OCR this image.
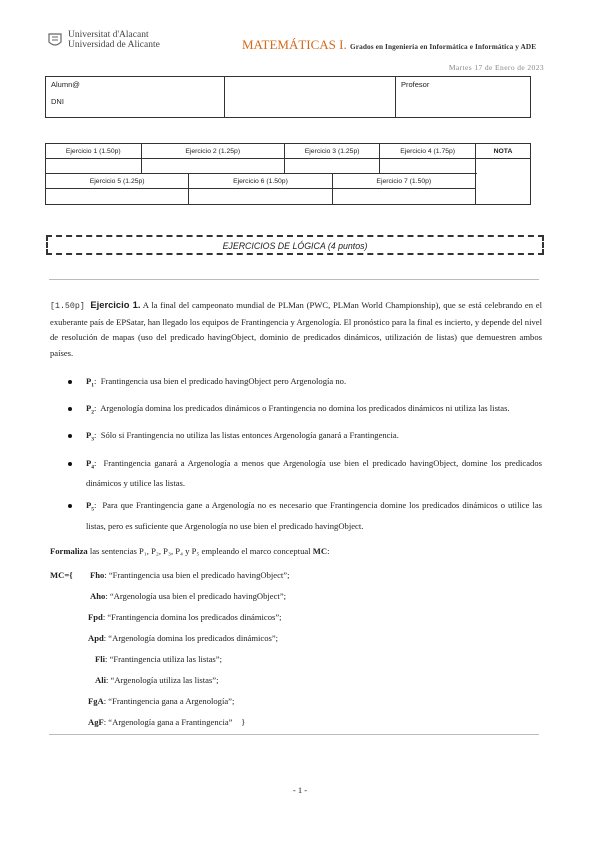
Universitat d'Alacant
Universidad de Alicante	MATEMÁTICAS I. Grados en Ingeniería en Informática e Informática y ADE
Martes 17 de Enero de 2023
Alumn@
DNI

Profesor
Ejercicio 1 (1.50p)	Ejercicio 2 (1.25p)		Ejercicio 3 (1.25p)		Ejercicio 4 (1.75p)	NOTA

Ejercicio 5 (1.25p)		Ejercicio 6 (1.50p)		Ejercicio 7 (1.50p)		

EJERCICIOS DE LÓGICA (4 puntos)
[1.50p] Ejercicio 1. A la final del campeonato mundial de PLMan (PWC, PLMan World Championship), que se está celebrando en el exuberante país de EPSatar, han llegado los equipos de Frantingencia y Argenología. El pronóstico para la final es incierto, y depende del nivel de resolución de mapas (uso del predicado havingObject, dominio de predicados dinámicos, utilización de listas) que demuestren ambos países.
$P_1$:  Frantingencia usa bien el predicado havingObject pero Argenología no.
$P_2$:  Argenología domina los predicados dinámicos o Frantingencia no domina los predicados dinámicos ni utiliza las listas.
$P_3$:  Sólo si Frantingencia no utiliza las listas entonces Argenología ganará a Frantingencia.
$P_4$:  Frantingencia ganará a Argenología a menos que Argenología use bien el predicado havingObject, domine los predicados dinámicos y utilice las listas.
$P_5$:  Para que Frantingencia gane a Argenología no es necesario que Frantingencia domine los predicados dinámicos o utilice las listas, pero es suficiente que Argenología no use bien el predicado havingObject.
Formaliza las sentencias P₁, P₂, P₃, P₄ y P₅ empleando el marco conceptual MC:
MC={ Fho: “Frantingencia usa bien el predicado havingObject”;
Aho: “Argenología usa bien el predicado havingObject”;
Fpd: “Frantingencia domina los predicados dinámicos”;
Apd: “Argenología domina los predicados dinámicos”;
Fli: “Frantingencia utiliza las listas”;
Ali: “Argenología utiliza las listas”;
FgA: “Frantingencia gana a Argenología”;
AgF: “Argenología gana a Frantingencia” }
- 1 -
